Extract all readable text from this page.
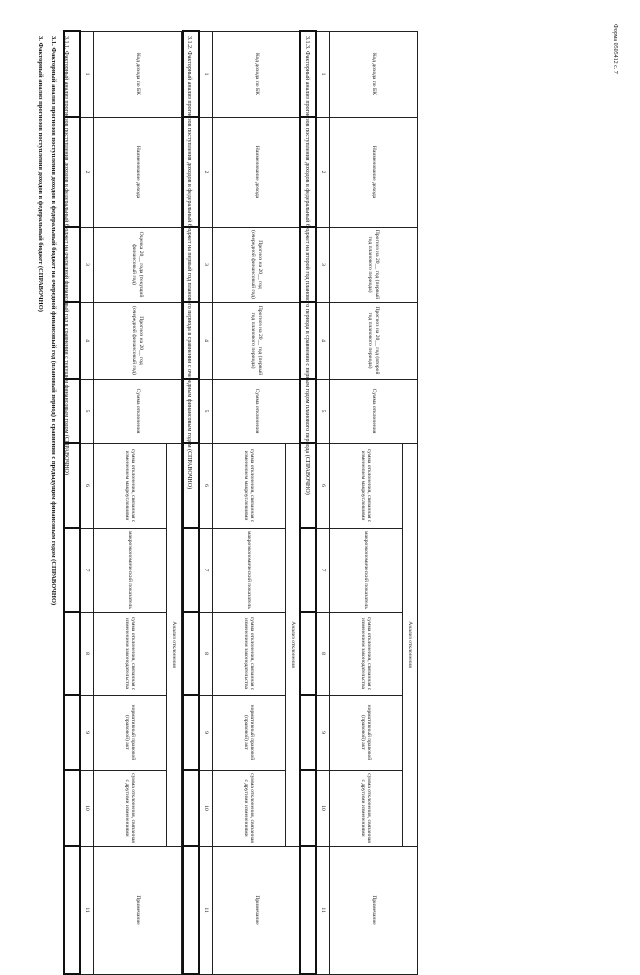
Форма 0505412 с. 7
3. Факторный анализ прогнозов поступления доходов в федеральный бюджет (СПРАВОЧНО) 3.1. Факторный анализ прогнозов поступления доходов в федеральный бюджет на очередной финансовый год (плановый период) в сравнении с предыдущим финансовым годом (СПРАВОЧНО) 3.1.1. Факторный анализ прогнозов поступления доходов в федеральный бюджет на очередной финансовый год в сравнении с текущим финансовым годом (СПРАВОЧНО)	Код дохода по БК	Наименование дохода	Оценка 20__ года (текущий финансовый год)	Прогноз на 20__ год (очередной финансовый год)	Сумма отклонения	Анализ отклонения					Примечание
					сумма отклонения, связанная с изменением макроусловиями	макроэкономический показатель	сумма отклонения, связанная с изменением законодательства	нормативный правовой (правовой) акт	сумма отклонения, связанная с другими изменениями	
1	2	3	4	5	6	7	8	9	10	11

3.1.2. Факторный анализ прогнозов поступления доходов в федеральный бюджет на первый год планового периода в сравнении с очередным финансовым годом (СПРАВОЧНО)	Код дохода по БК	Наименование дохода	Прогноз на 20__ год (очередной финансовый год)	Прогноз на 20__ год (первый год планового периода)	Сумма отклонения	Анализ отклонения					Примечание
					сумма отклонения, связанная с изменением макроусловиями	макроэкономический показатель	сумма отклонения, связанная с изменением законодательства	нормативный правовой (правовой) акт	сумма отклонения, связанная с другими изменениями	
1	2	3	4	5	6	7	8	9	10	11

3.1.3. Факторный анализ прогнозов поступления доходов в федеральный бюджет на второй год планового периода в сравнении с первым годом планового периода (СПРАВОЧНО)	Код дохода по БК	Наименование дохода	Прогноз на 20__ год (первый год планового периода)	Прогноз на 20__ год (второй год планового периода)	Сумма отклонения	Анализ отклонения					Примечание
					сумма отклонения, связанная с изменением макроусловиями	макроэкономический показатель	сумма отклонения, связанная с изменением законодательства	нормативный правовой (правовой) акт	сумма отклонения, связанная с другими изменениями	
1	2	3	4	5	6	7	8	9	10	11
